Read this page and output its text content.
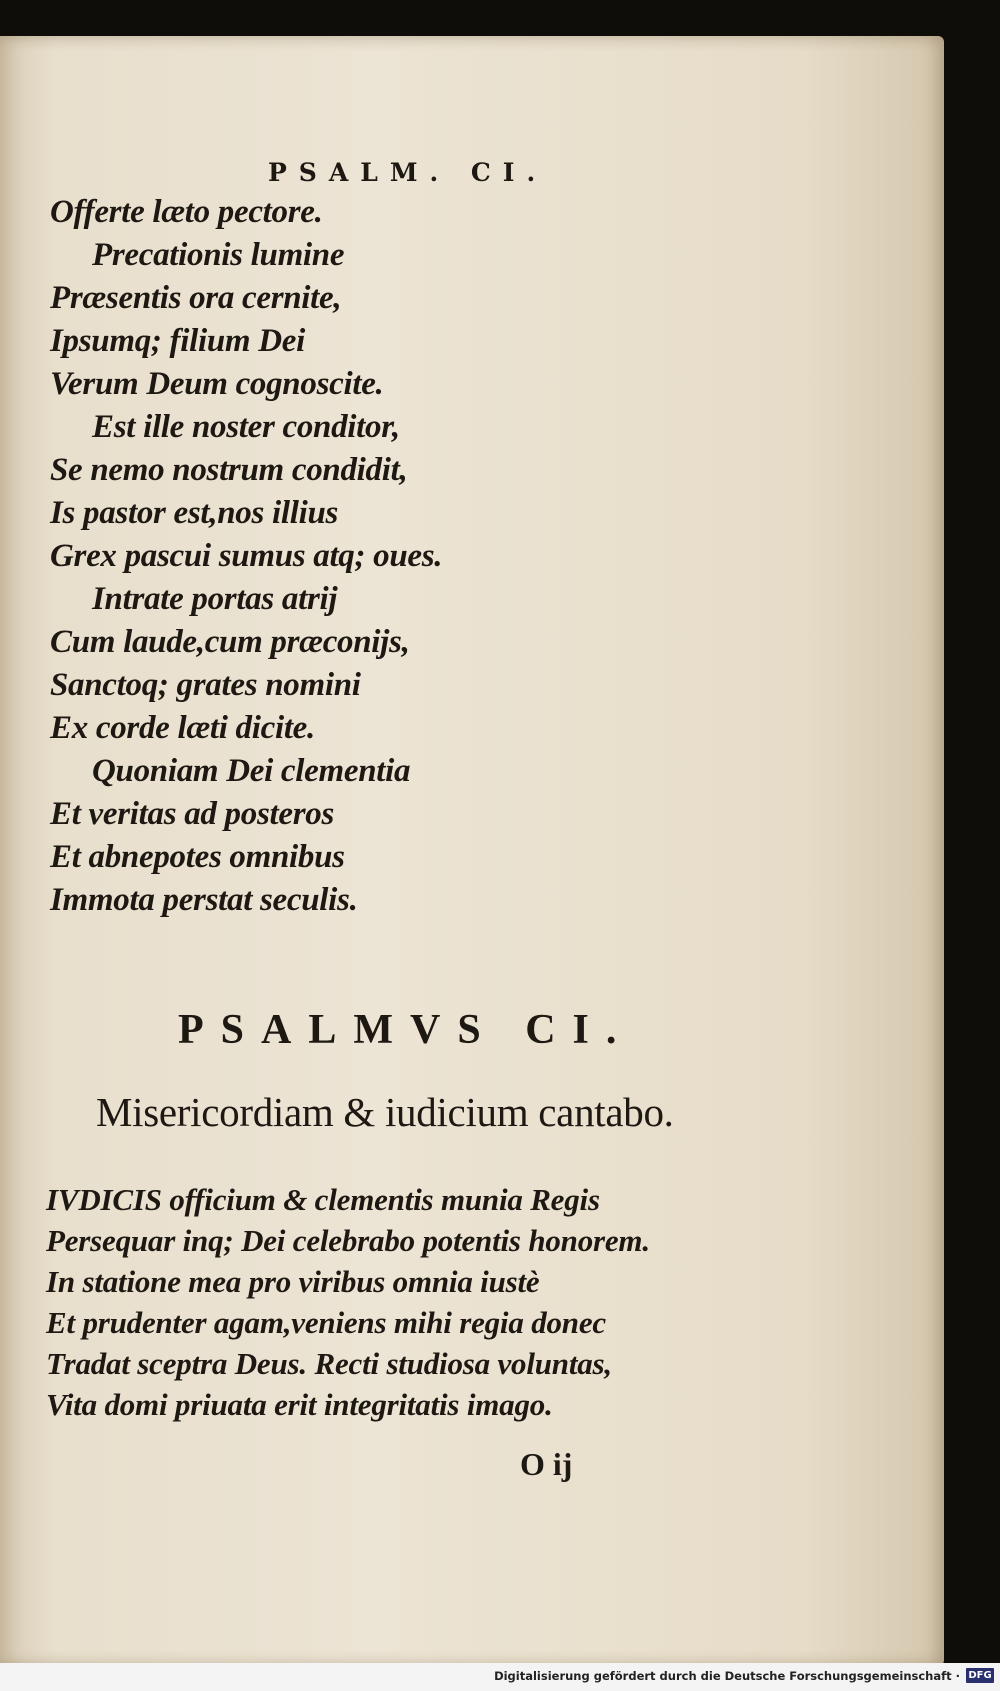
PSALM. CI.

Offerte læto pectore.

Precationis lumine

Præsentis ora cernite,

Ipsumq; filium Dei

Verum Deum cognoscite.

Est ille noster conditor,

Se nemo nostrum condidit,

Is pastor est,nos illius

Grex pascui sumus atq; oues.

Intrate portas atrij

Cum laude,cum præconijs,

Sanctoq; grates nomini

Ex corde læti dicite.

Quoniam Dei clementia

Et veritas ad posteros

Et abnepotes omnibus

Immota perstat seculis.

PSALMVS CI.
Misericordiam & iudicium cantabo.

IVDICIS officium & clementis munia Regis

Persequar inq; Dei celebrabo potentis honorem.

In statione mea pro viribus omnia iustè

Et prudenter agam,veniens mihi regia donec

Tradat sceptra Deus. Recti studiosa voluntas,

Vita domi priuata erit integritatis imago.

O ij
Digitalisierung gefördert durch die Deutsche Forschungsgemeinschaft · DFG
